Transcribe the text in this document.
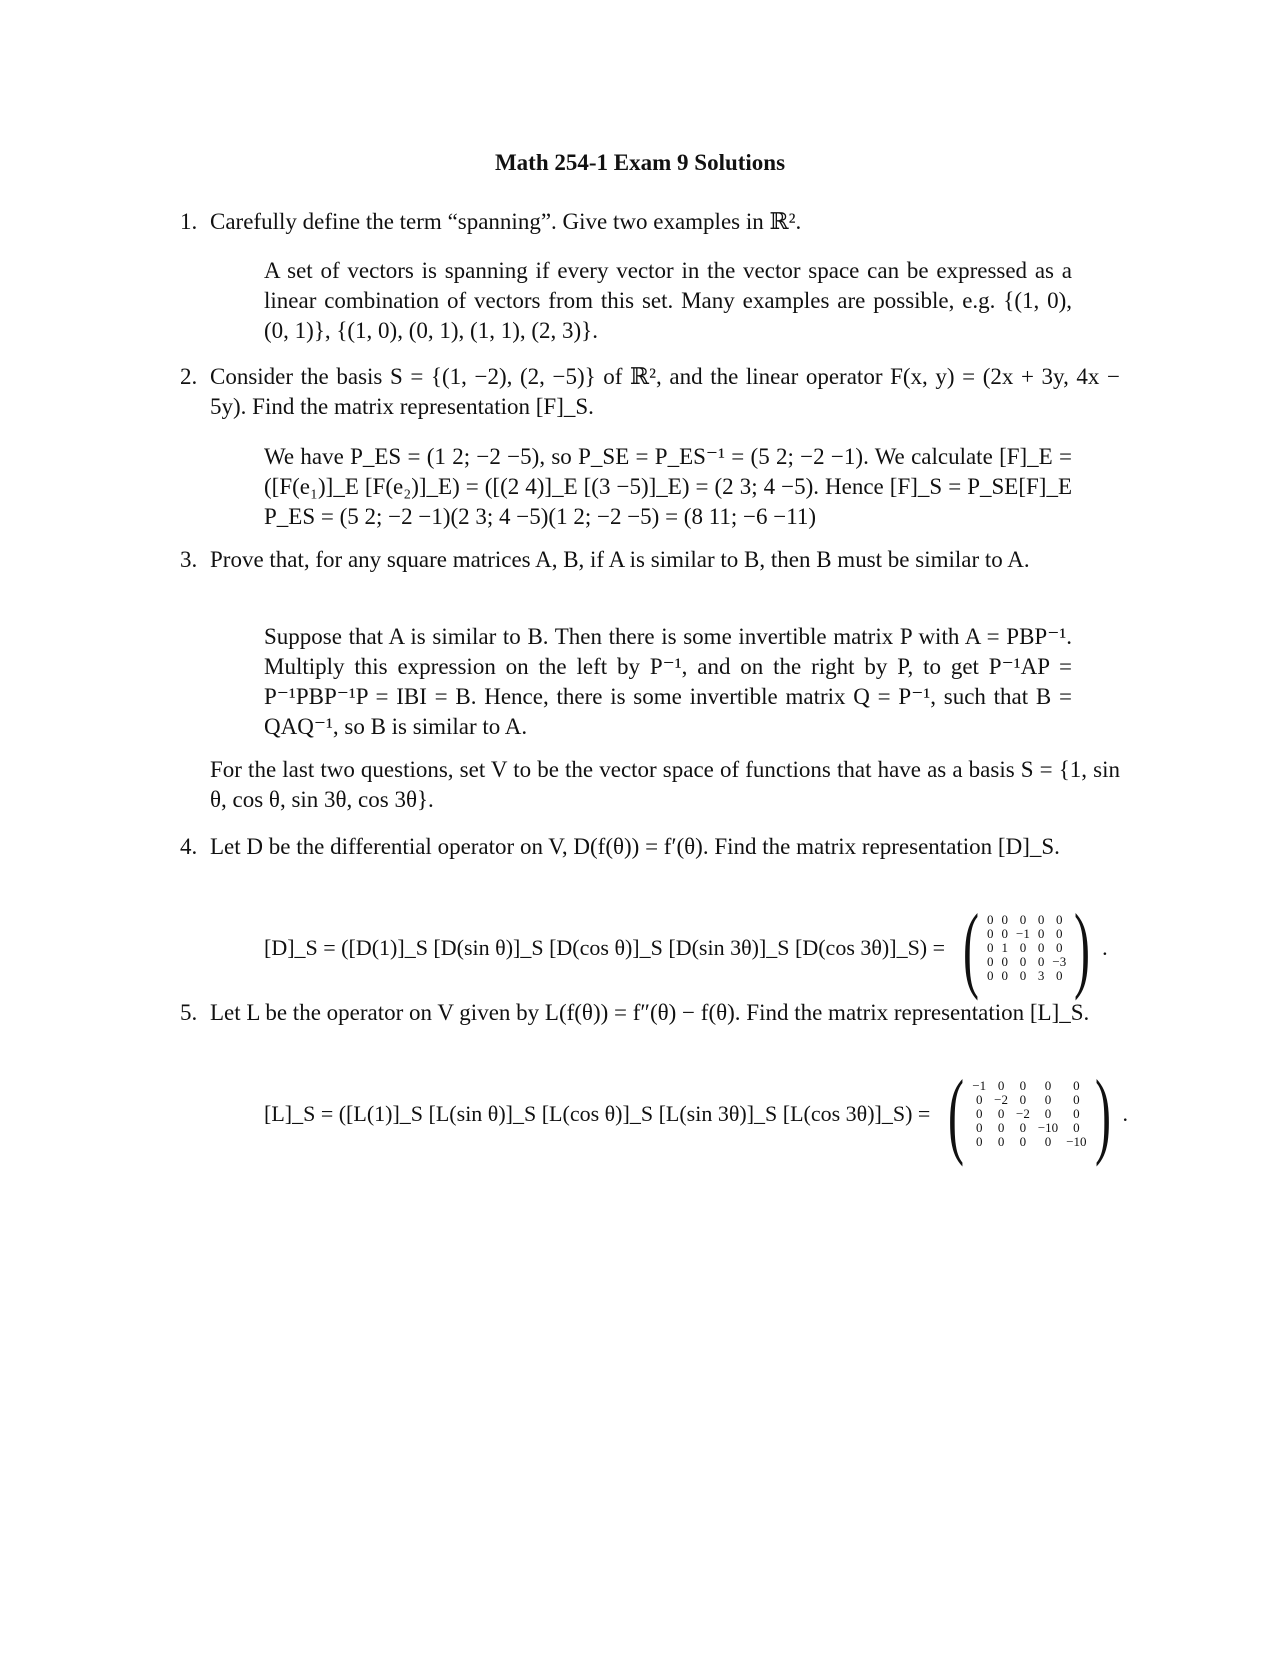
Math 254-1 Exam 9 Solutions
1. Carefully define the term “spanning”. Give two examples in ℝ².
A set of vectors is spanning if every vector in the vector space can be expressed as a linear combination of vectors from this set. Many examples are possible, e.g. {(1, 0), (0, 1)}, {(1, 0), (0, 1), (1, 1), (2, 3)}.
2. Consider the basis S = {(1, −2), (2, −5)} of ℝ², and the linear operator F(x, y) = (2x + 3y, 4x − 5y). Find the matrix representation [F]_S.
We have P_ES = (1 2; −2 −5), so P_SE = P_ES⁻¹ = (5 2; −2 −1). We calculate [F]_E = ([F(e₁)]_E [F(e₂)]_E) = ([(2 4)]_E [(3 −5)]_E) = (2 3; 4 −5). Hence [F]_S = P_SE[F]_E P_ES = (5 2; −2 −1)(2 3; 4 −5)(1 2; −2 −5) = (8 11; −6 −11)
3. Prove that, for any square matrices A, B, if A is similar to B, then B must be similar to A.
Suppose that A is similar to B. Then there is some invertible matrix P with A = PBP⁻¹. Multiply this expression on the left by P⁻¹, and on the right by P, to get P⁻¹AP = P⁻¹PBP⁻¹P = IBI = B. Hence, there is some invertible matrix Q = P⁻¹, such that B = QAQ⁻¹, so B is similar to A.
For the last two questions, set V to be the vector space of functions that have as a basis S = {1, sin θ, cos θ, sin 3θ, cos 3θ}.
4. Let D be the differential operator on V, D(f(θ)) = f′(θ). Find the matrix representation [D]_S.
[D]_S = ([D(1)]_S [D(sin θ)]_S [D(cos θ)]_S [D(sin 3θ)]_S [D(cos 3θ)]_S) = ( 0 0 0 0 0
0 0 −1 0 0
0 1 0 0 0
0 0 0 0 −3
0 0 0 3 0 ) .
5. Let L be the operator on V given by L(f(θ)) = f″(θ) − f(θ). Find the matrix representation [L]_S.
[L]_S = ([L(1)]_S [L(sin θ)]_S [L(cos θ)]_S [L(sin 3θ)]_S [L(cos 3θ)]_S) = ( −1 0 0	0	0
0 −2 0	0	0
0 0 −2	0	0
0 0 0 −10	0
0 0 0	0	−10 ) .
